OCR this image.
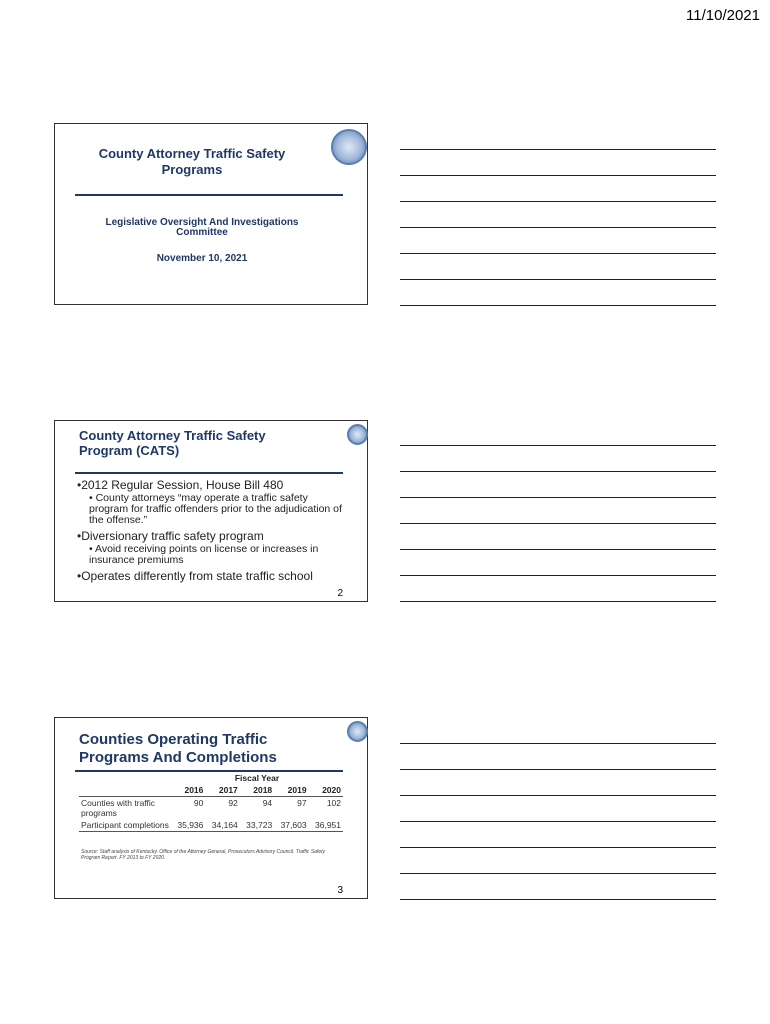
11/10/2021
County Attorney Traffic Safety Programs
Legislative Oversight And Investigations Committee
November 10, 2021
County Attorney Traffic Safety Program (CATS)

•2012 Regular Session, House Bill 480

• County attorneys “may operate a traffic safety program for traffic offenders prior to the adjudication of the offense.”

•Diversionary traffic safety program

• Avoid receiving points on license or increases in insurance premiums

•Operates differently from state traffic school

2
Counties Operating Traffic Programs And Completions
	Fiscal Year				
	2016	2017	2018	2019	2020
Counties with traffic programs	90	92	94	97	102
Participant completions	35,936	34,164	33,723	37,603	36,951
Source: Staff analysis of Kentucky. Office of the Attorney General, Prosecutors Advisory Council. Traffic Safety Program Report. FY 2013 to FY 2020.
3
